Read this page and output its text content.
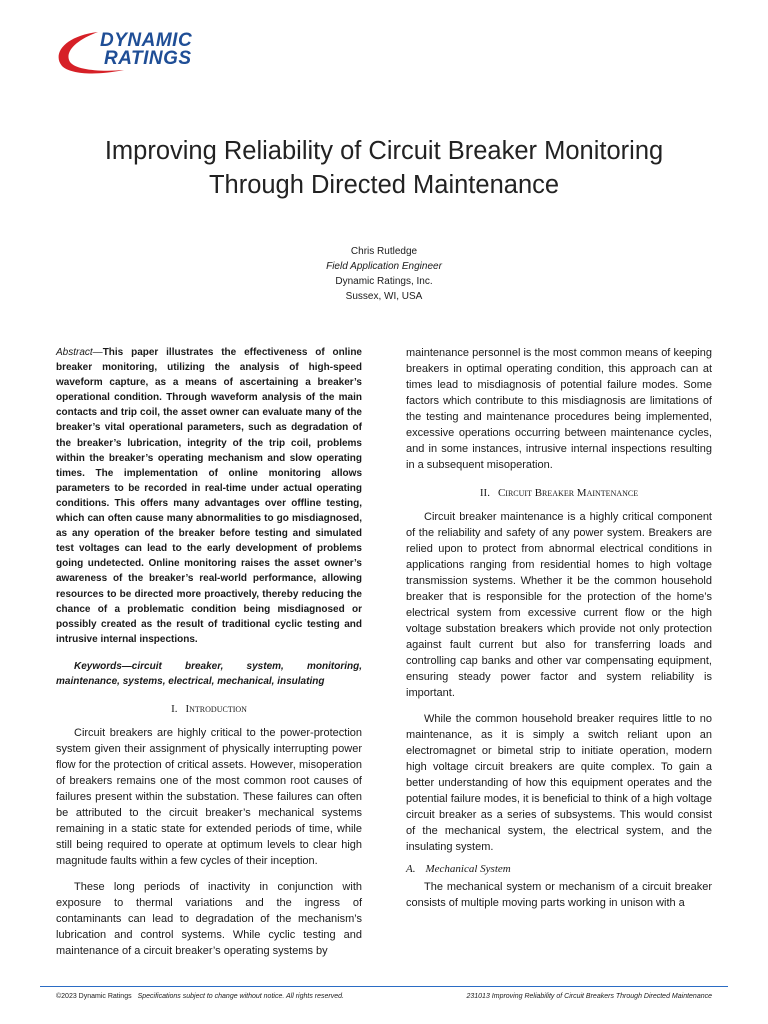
DYNAMIC
RATINGS
Improving Reliability of Circuit Breaker Monitoring
Through Directed Maintenance
Chris Rutledge
Field Application Engineer
Dynamic Ratings, Inc.
Sussex, WI, USA

Abstract—This paper illustrates the effectiveness of online breaker monitoring, utilizing the analysis of high-speed waveform capture, as a means of ascertaining a breaker’s operational condition. Through waveform analysis of the main contacts and trip coil, the asset owner can evaluate many of the breaker’s vital operational parameters, such as degradation of the breaker’s lubrication, integrity of the trip coil, problems within the breaker’s operating mechanism and slow operating times. The implementation of online monitoring allows parameters to be recorded in real-time under actual operating conditions. This offers many advantages over offline testing, which can often cause many abnormalities to go misdiagnosed, as any operation of the breaker before testing and simulated test voltages can lead to the early development of problems going undetected. Online monitoring raises the asset owner’s awareness of the breaker’s real-world performance, allowing resources to be directed more proactively, thereby reducing the chance of a problematic condition being misdiagnosed or possibly created as the result of traditional cyclic testing and intrusive internal inspections.

Keywords—circuit breaker, system, monitoring, maintenance, systems, electrical, mechanical, insulating

I. Introduction

Circuit breakers are highly critical to the power-protection system given their assignment of physically interrupting power flow for the protection of critical assets. However, misoperation of breakers remains one of the most common root causes of failures present within the substation. These failures can often be attributed to the circuit breaker’s mechanical systems remaining in a static state for extended periods of time, while still being required to operate at optimum levels to clear high magnitude faults within a few cycles of their inception.

These long periods of inactivity in conjunction with exposure to thermal variations and the ingress of contaminants can lead to degradation of the mechanism’s lubrication and control systems. While cyclic testing and maintenance of a circuit breaker’s operating systems by

maintenance personnel is the most common means of keeping breakers in optimal operating condition, this approach can at times lead to misdiagnosis of potential failure modes. Some factors which contribute to this misdiagnosis are limitations of the testing and maintenance procedures being implemented, excessive operations occurring between maintenance cycles, and in some instances, intrusive internal inspections resulting in a subsequent misoperation.

II. Circuit Breaker Maintenance

Circuit breaker maintenance is a highly critical component of the reliability and safety of any power system. Breakers are relied upon to protect from abnormal electrical conditions in applications ranging from residential homes to high voltage transmission systems. Whether it be the common household breaker that is responsible for the protection of the home’s electrical system from excessive current flow or the high voltage substation breakers which provide not only protection against fault current but also for transferring loads and controlling cap banks and other var compensating equipment, ensuring steady power factor and system reliability is important.

While the common household breaker requires little to no maintenance, as it is simply a switch reliant upon an electromagnet or bimetal strip to initiate operation, modern high voltage circuit breakers are quite complex. To gain a better understanding of how this equipment operates and the potential failure modes, it is beneficial to think of a high voltage circuit breaker as a series of subsystems. This would consist of the mechanical system, the electrical system, and the insulating system.

A. Mechanical System

The mechanical system or mechanism of a circuit breaker consists of multiple moving parts working in unison with a

©2023 Dynamic Ratings Specifications subject to change without notice. All rights reserved.	231013 Improving Reliability of Circuit Breakers Through Directed Maintenance
